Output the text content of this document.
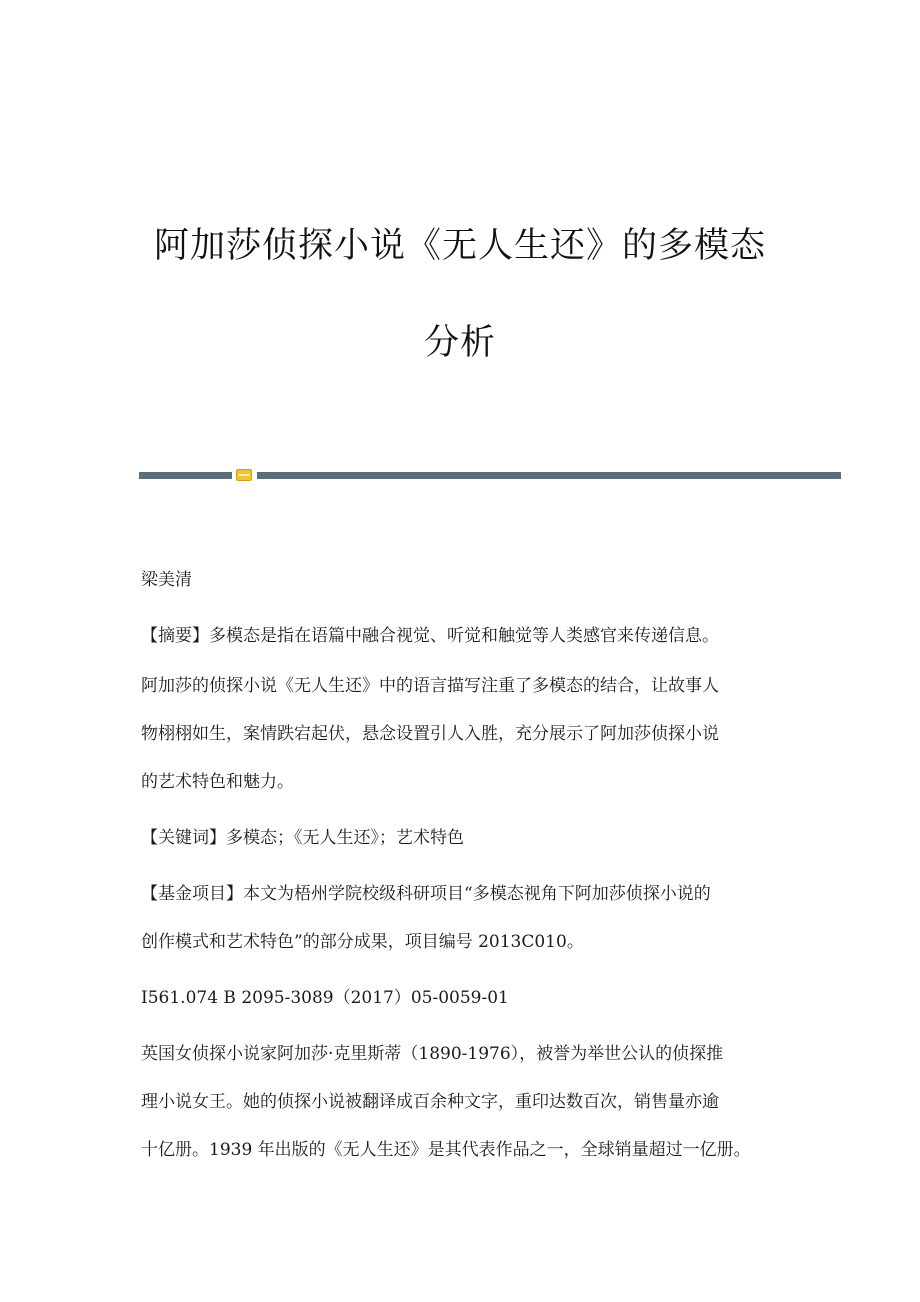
阿加莎侦探小说《无人生还》的多模态
分析
梁美清
【摘要】多模态是指在语篇中融合视觉、听觉和触觉等人类感官来传递信息。
阿加莎的侦探小说《无人生还》中的语言描写注重了多模态的结合，让故事人
物栩栩如生，案情跌宕起伏，悬念设置引人入胜，充分展示了阿加莎侦探小说
的艺术特色和魅力。
【关键词】多模态；《无人生还》；艺术特色
【基金项目】本文为梧州学院校级科研项目“多模态视角下阿加莎侦探小说的
创作模式和艺术特色”的部分成果，项目编号 2013C010。
I561.074 B 2095-3089（2017）05-0059-01
英国女侦探小说家阿加莎·克里斯蒂（1890-1976），被誉为举世公认的侦探推
理小说女王。她的侦探小说被翻译成百余种文字，重印达数百次，销售量亦逾
十亿册。1939 年出版的《无人生还》是其代表作品之一，全球销量超过一亿册。
